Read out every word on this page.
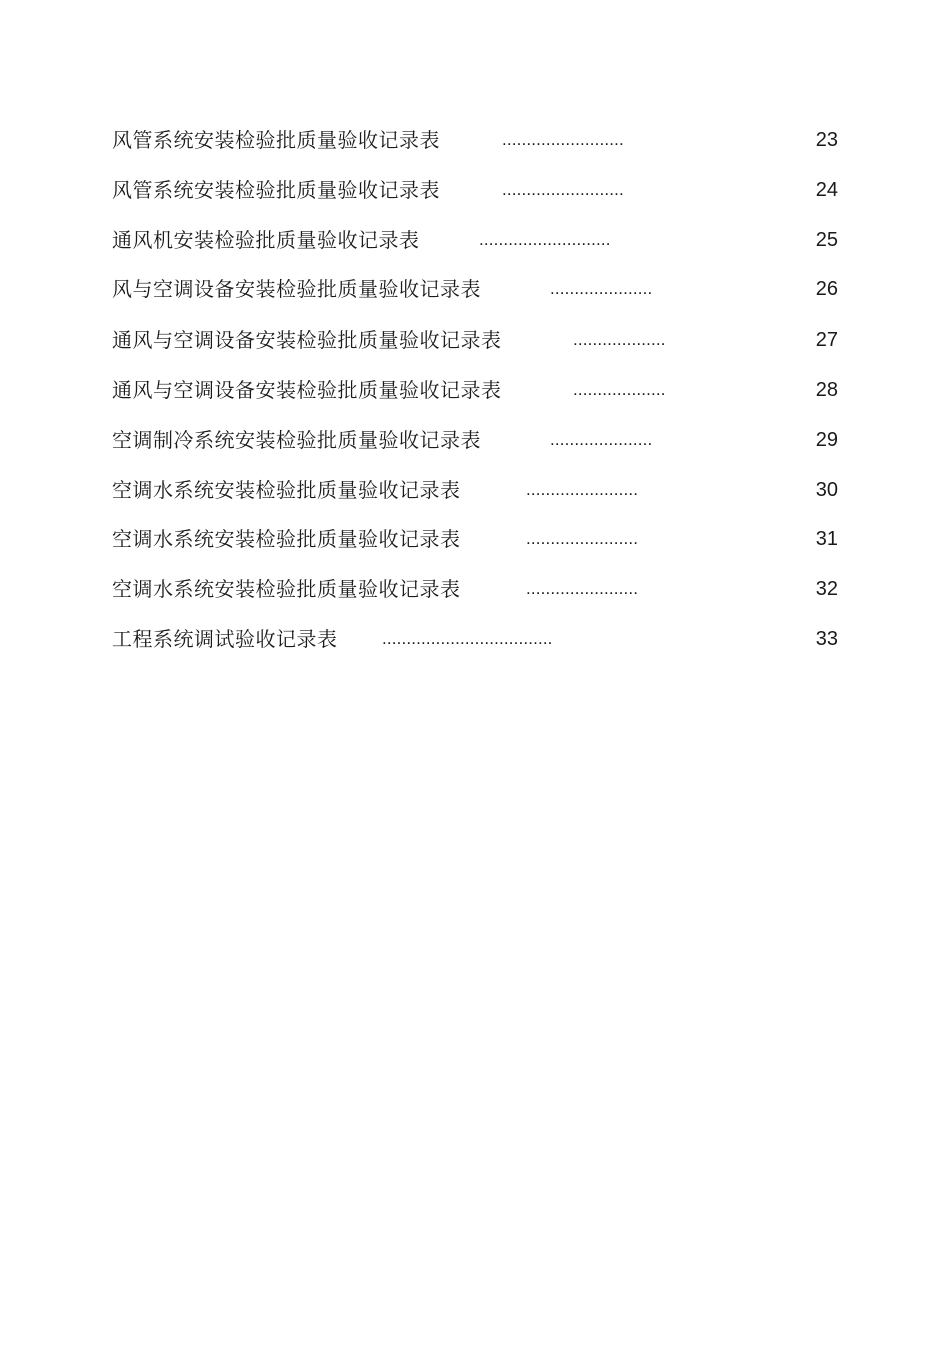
风管系统安装检验批质量验收记录表	.........................	23
风管系统安装检验批质量验收记录表	.........................	24
通风机安装检验批质量验收记录表	...........................	25
风与空调设备安装检验批质量验收记录表	.....................	26
通风与空调设备安装检验批质量验收记录表	...................	27
通风与空调设备安装检验批质量验收记录表	...................	28
空调制冷系统安装检验批质量验收记录表	.....................	29
空调水系统安装检验批质量验收记录表	.......................	30
空调水系统安装检验批质量验收记录表	.......................	31
空调水系统安装检验批质量验收记录表	.......................	32
工程系统调试验收记录表	...................................	33
